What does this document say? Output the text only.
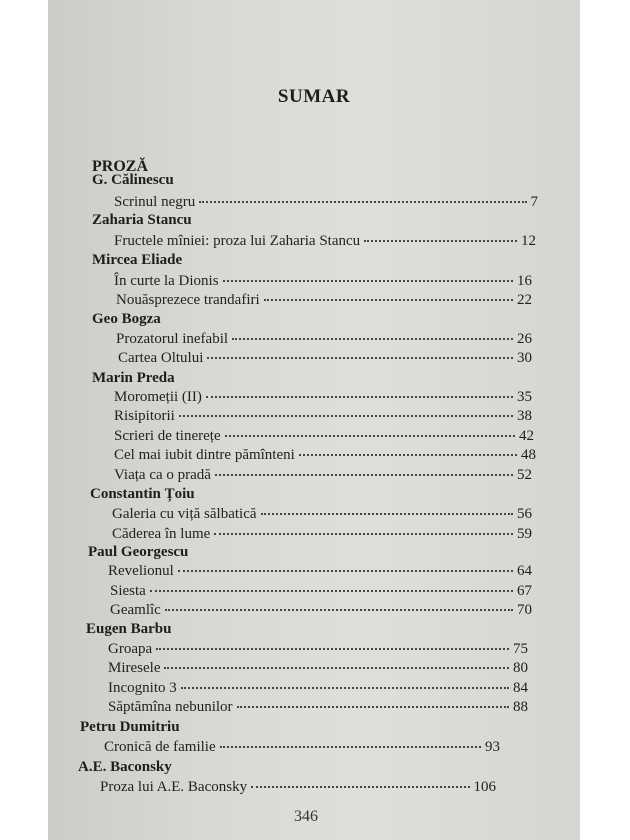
SUMAR
PROZĂ
G. Călinescu
Scrinul negru	7
Zaharia Stancu
Fructele mîniei: proza lui Zaharia Stancu	12
Mircea Eliade
În curte la Dionis	16
Nouăsprezece trandafiri	22
Geo Bogza
Prozatorul inefabil	26
Cartea Oltului	30
Marin Preda
Moromeții (II)	35
Risipitorii	38
Scrieri de tinerețe	42
Cel mai iubit dintre pămînteni	48
Viața ca o pradă	52
Constantin Țoiu
Galeria cu viță sălbatică	56
Căderea în lume	59
Paul Georgescu
Revelionul	64
Siesta	67
Geamlîc	70
Eugen Barbu
Groapa	75
Miresele	80
Incognito 3	84
Săptămîna nebunilor	88
Petru Dumitriu
Cronică de familie	93
A.E. Baconsky
Proza lui A.E. Baconsky	106
346
